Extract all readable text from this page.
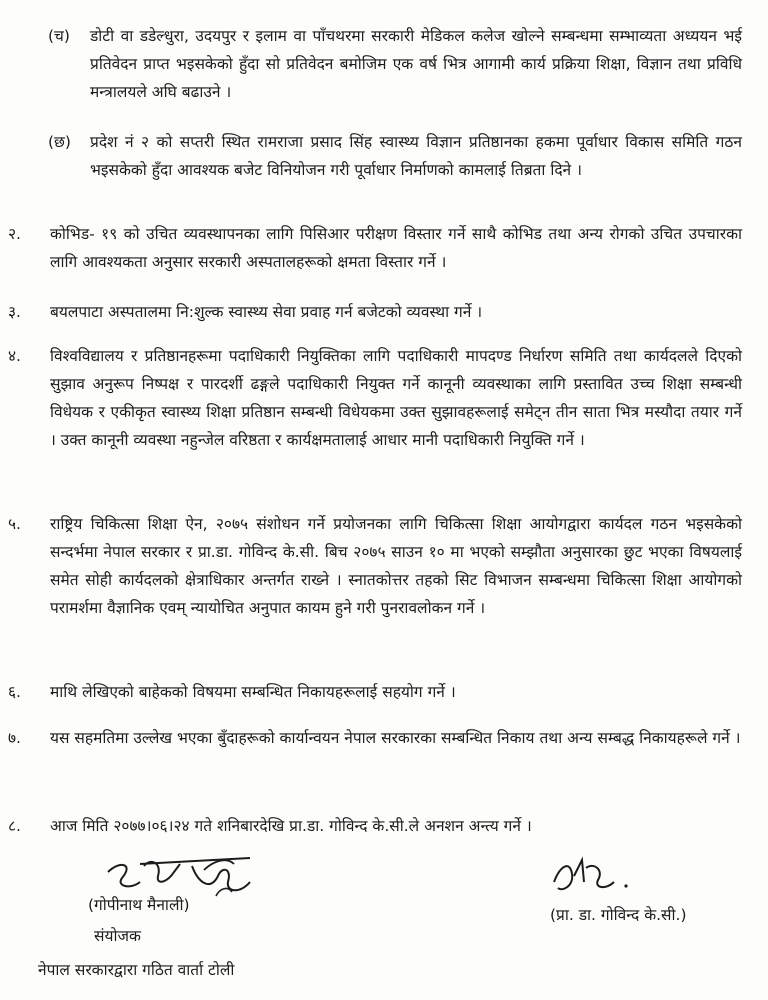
(च) डोटी वा डडेल्धुरा, उदयपुर र इलाम वा पाँचथरमा सरकारी मेडिकल कलेज खोल्ने सम्बन्धमा सम्भाव्यता अध्ययन भई प्रतिवेदन प्राप्त भइसकेको हुँदा सो प्रतिवेदन बमोजिम एक वर्ष भित्र आगामी कार्य प्रक्रिया शिक्षा, विज्ञान तथा प्रविधि मन्त्रालयले अघि बढाउने ।
(छ) प्रदेश नं २ को सप्तरी स्थित रामराजा प्रसाद सिंह स्वास्थ्य विज्ञान प्रतिष्ठानका हकमा पूर्वाधार विकास समिति गठन भइसकेको हुँदा आवश्यक बजेट विनियोजन गरी पूर्वाधार निर्माणको कामलाई तिब्रता दिने ।
२. कोभिड- १९ को उचित व्यवस्थापनका लागि पिसिआर परीक्षण विस्तार गर्ने साथै कोभिड तथा अन्य रोगको उचित उपचारका लागि आवश्यकता अनुसार सरकारी अस्पतालहरूको क्षमता विस्तार गर्ने ।
३. बयलपाटा अस्पतालमा नि:शुल्क स्वास्थ्य सेवा प्रवाह गर्न बजेटको व्यवस्था गर्ने ।
४. विश्वविद्यालय र प्रतिष्ठानहरूमा पदाधिकारी नियुक्तिका लागि पदाधिकारी मापदण्ड निर्धारण समिति तथा कार्यदलले दिएको सुझाव अनुरूप निष्पक्ष र पारदर्शी ढङ्गले पदाधिकारी नियुक्त गर्ने कानूनी व्यवस्थाका लागि प्रस्तावित उच्च शिक्षा सम्बन्धी विधेयक र एकीकृत स्वास्थ्य शिक्षा प्रतिष्ठान सम्बन्धी विधेयकमा उक्त सुझावहरूलाई समेट्न तीन साता भित्र मस्यौदा तयार गर्ने । उक्त कानूनी व्यवस्था नहुन्जेल वरिष्ठता र कार्यक्षमतालाई आधार मानी पदाधिकारी नियुक्ति गर्ने ।
५. राष्ट्रिय चिकित्सा शिक्षा ऐन, २०७५ संशोधन गर्ने प्रयोजनका लागि चिकित्सा शिक्षा आयोगद्वारा कार्यदल गठन भइसकेको सन्दर्भमा नेपाल सरकार र प्रा.डा. गोविन्द के.सी. बिच २०७५ साउन १० मा भएको सम्झौता अनुसारका छुट भएका विषयलाई समेत सोही कार्यदलको क्षेत्राधिकार अन्तर्गत राख्ने । स्नातकोत्तर तहको सिट विभाजन सम्बन्धमा चिकित्सा शिक्षा आयोगको परामर्शमा वैज्ञानिक एवम् न्यायोचित अनुपात कायम हुने गरी पुनरावलोकन गर्ने ।
६. माथि लेखिएको बाहेकको विषयमा सम्बन्धित निकायहरूलाई सहयोग गर्ने ।
७. यस सहमतिमा उल्लेख भएका बुँदाहरूको कार्यान्वयन नेपाल सरकारका सम्बन्धित निकाय तथा अन्य सम्बद्ध निकायहरूले गर्ने ।
८. आज मिति २०७७।०६।२४ गते शनिबारदेखि प्रा.डा. गोविन्द के.सी.ले अनशन अन्त्य गर्ने ।
(गोपीनाथ मैनाली)
संयोजक
नेपाल सरकारद्वारा गठित वार्ता टोली
(प्रा. डा. गोविन्द के.सी.)
